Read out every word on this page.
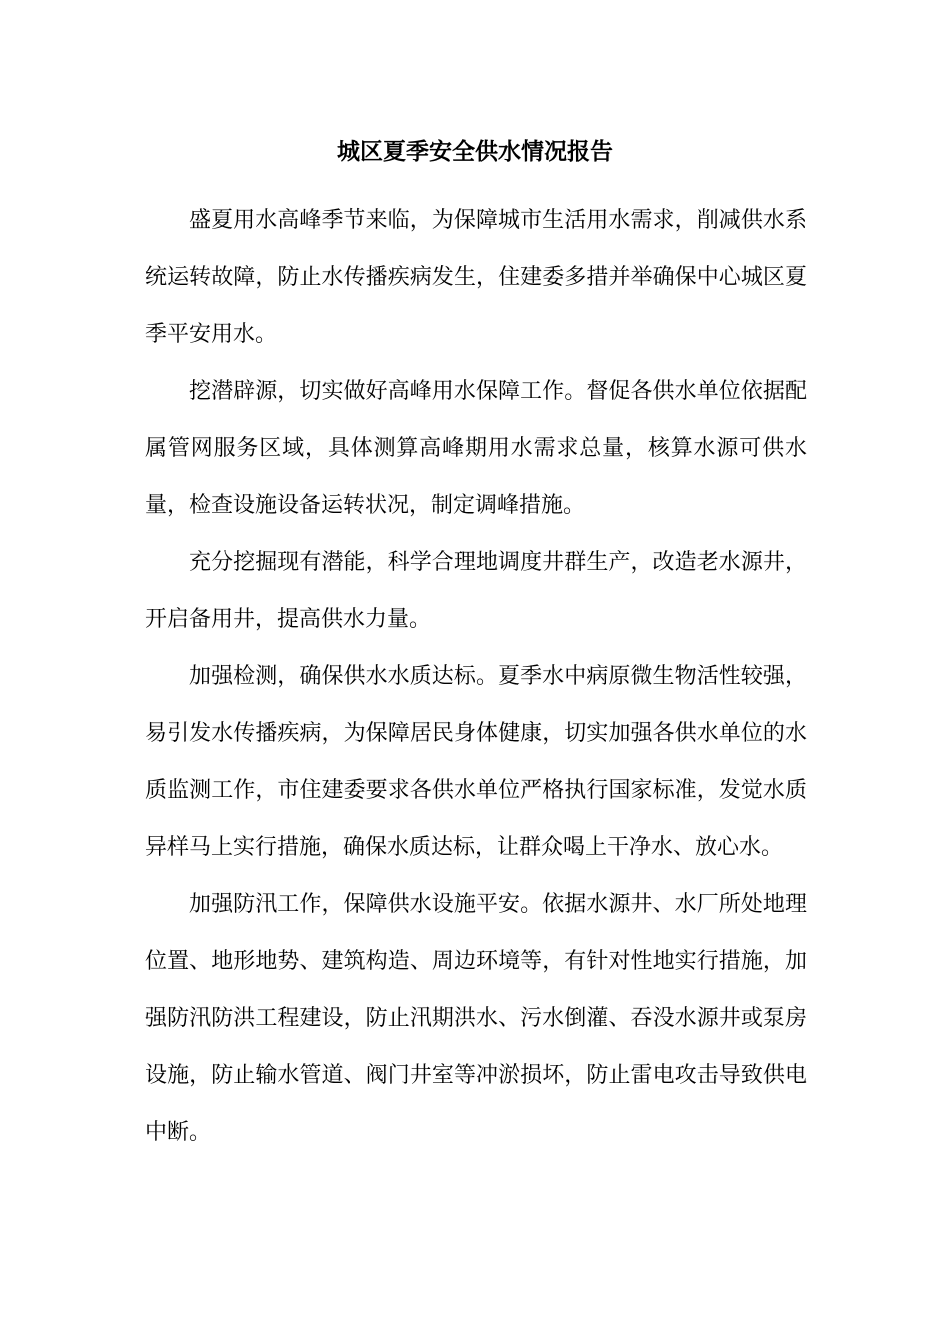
城区夏季安全供水情况报告

盛夏用水高峰季节来临，为保障城市生活用水需求，削减供水系统运转故障，防止水传播疾病发生，住建委多措并举确保中心城区夏季平安用水。

挖潜辟源，切实做好高峰用水保障工作。督促各供水单位依据配属管网服务区域，具体测算高峰期用水需求总量，核算水源可供水量，检查设施设备运转状况，制定调峰措施。

充分挖掘现有潜能，科学合理地调度井群生产，改造老水源井，开启备用井，提高供水力量。

加强检测，确保供水水质达标。夏季水中病原微生物活性较强，易引发水传播疾病，为保障居民身体健康，切实加强各供水单位的水质监测工作，市住建委要求各供水单位严格执行国家标准，发觉水质异样马上实行措施，确保水质达标，让群众喝上干净水、放心水。

加强防汛工作，保障供水设施平安。依据水源井、水厂所处地理位置、地形地势、建筑构造、周边环境等，有针对性地实行措施，加强防汛防洪工程建设，防止汛期洪水、污水倒灌、吞没水源井或泵房设施，防止输水管道、阀门井室等冲淤损坏，防止雷电攻击导致供电中断。
